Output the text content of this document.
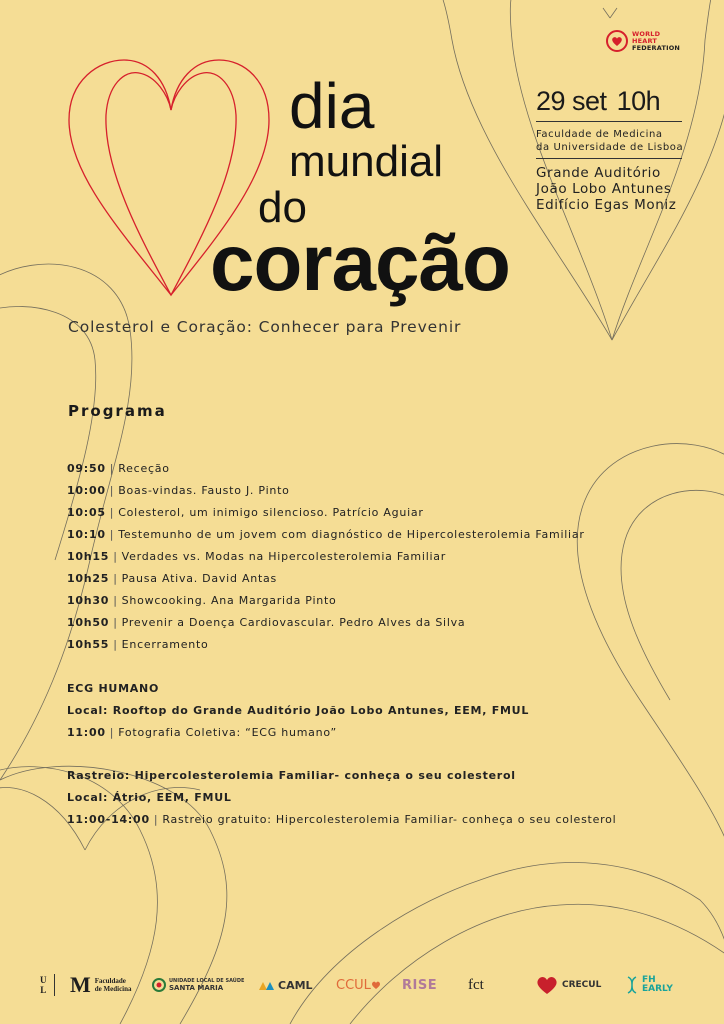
WORLD
HEART
FEDERATION
dia
mundial
do
coração
29 set 10h
Faculdade de Medicina
da Universidade de Lisboa
Grande Auditório
João Lobo Antunes
Edifício Egas Moniz
Colesterol e Coração: Conhecer para Prevenir
Programa
09:50 | Receção
10:00 | Boas-vindas. Fausto J. Pinto
10:05 | Colesterol, um inimigo silencioso. Patrício Aguiar
10:10 | Testemunho de um jovem com diagnóstico de Hipercolesterolemia Familiar
10h15 | Verdades vs. Modas na Hipercolesterolemia Familiar
10h25 | Pausa Ativa. David Antas
10h30 | Showcooking. Ana Margarida Pinto
10h50 | Prevenir a Doença Cardiovascular. Pedro Alves da Silva
10h55 | Encerramento
ECG HUMANO
Local: Rooftop do Grande Auditório João Lobo Antunes, EEM, FMUL
11:00 | Fotografia Coletiva: “ECG humano”
Rastreio: Hipercolesterolemia Familiar- conheça o seu colesterol
Local: Átrio, EEM, FMUL
11:00-14:00 | Rastreio gratuito: Hipercolesterolemia Familiar- conheça o seu colesterol
U
L M Faculdade
de Medicina
UNIDADE LOCAL DE SAÚDE
SANTA MARIA	CAML CCUL RISE fct	CRECUL	FH
EARLY
